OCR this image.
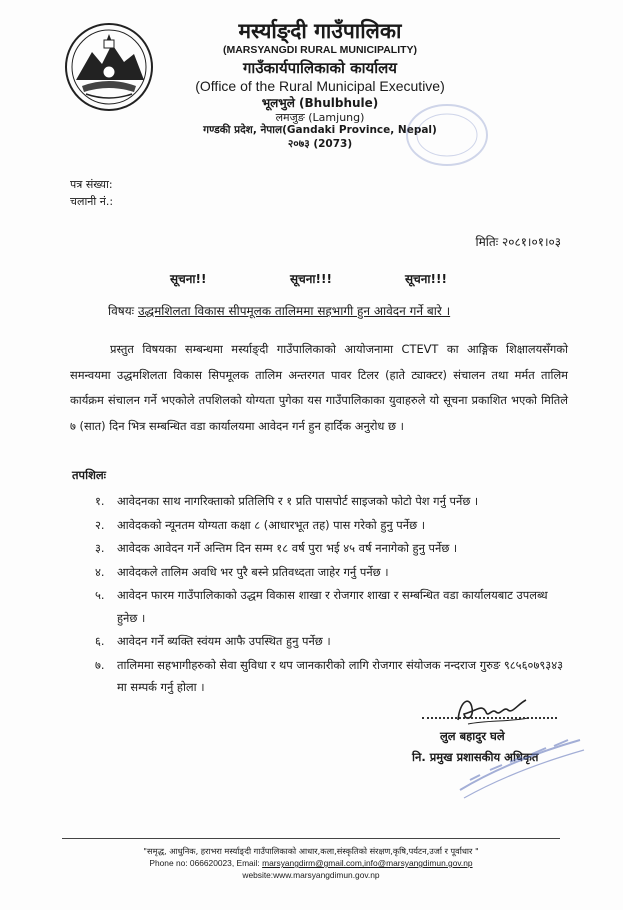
मर्स्याङ्दी गाउँपालिका
(MARSYANGDI RURAL MUNICIPALITY)
गाउँकार्यपालिकाको कार्यालय
(Office of the Rural Municipal Executive)
भूलभुले (Bhulbhule)
लमजुङ (Lamjung)
गण्डकी प्रदेश, नेपाल(Gandaki Province, Nepal)
२०७३ (2073)
पत्र संख्या:
चलानी नं.:
मितिः २०८१।०१।०३
सूचना!!	सूचना!!!	सूचना!!!
विषयः उद्धमशिलता विकास सीपमूलक तालिममा सहभागी हुन आवेदन गर्ने बारे ।
प्रस्तुत विषयका सम्बन्धमा मर्स्याङ्दी गाउँपालिकाको आयोजनामा CTEVT का आङ्गिक शिक्षालयसँगको समन्वयमा उद्धमशिलता विकास सिपमूलक तालिम अन्तरगत पावर टिलर (हाते ट्याक्टर) संचालन तथा मर्मत तालिम कार्यक्रम संचालन गर्ने भएकोले तपशिलको योग्यता पुगेका यस गाउँपालिकाका युवाहरुले यो सूचना प्रकाशित भएको मितिले ७ (सात) दिन भित्र सम्बन्धित वडा कार्यालयमा आवेदन गर्न हुन हार्दिक अनुरोध छ ।
तपशिलः
१. आवेदनका साथ नागरिक्ताको प्रतिलिपि र १ प्रति पासपोर्ट साइजको फोटो पेश गर्नु पर्नेछ ।
२. आवेदकको न्यूनतम योग्यता कक्षा ८ (आधारभूत तह) पास गरेको हुनु पर्नेछ ।
३. आवेदक आवेदन गर्ने अन्तिम दिन सम्म १८ वर्ष पुरा भई ४५ वर्ष ननागेको हुनु पर्नेछ ।
४. आवेदकले तालिम अवधि भर पुरै बस्ने प्रतिवध्दता जाहेर गर्नु पर्नेछ ।
५. आवेदन फारम गाउँपालिकाको उद्धम विकास शाखा र रोजगार शाखा र सम्बन्धित वडा कार्यालयबाट उपलब्ध हुनेछ ।
६. आवेदन गर्ने ब्यक्ति स्वंयम आफै उपस्थित हुनु पर्नेछ ।
७. तालिममा सहभागीहरुको सेवा सुविधा र थप जानकारीको लागि रोजगार संयोजक नन्दराज गुरुङ ९८५६०७९३४३ मा सम्पर्क गर्नु होला ।
लुल बहादुर घले
नि. प्रमुख प्रशासकीय अधिकृत
"समृद्ध, आधुनिक, हराभरा मर्स्याङ्दी गाउँपालिकाको आधार,कला,संस्कृतिको संरक्षण,कृषि,पर्यटन,उर्जा र पूर्वाधार "
Phone no: 066620023, Email: marsyangdirm@gmail.com,info@marsyangdimun.gov.np
website:www.marsyangdimun.gov.np
